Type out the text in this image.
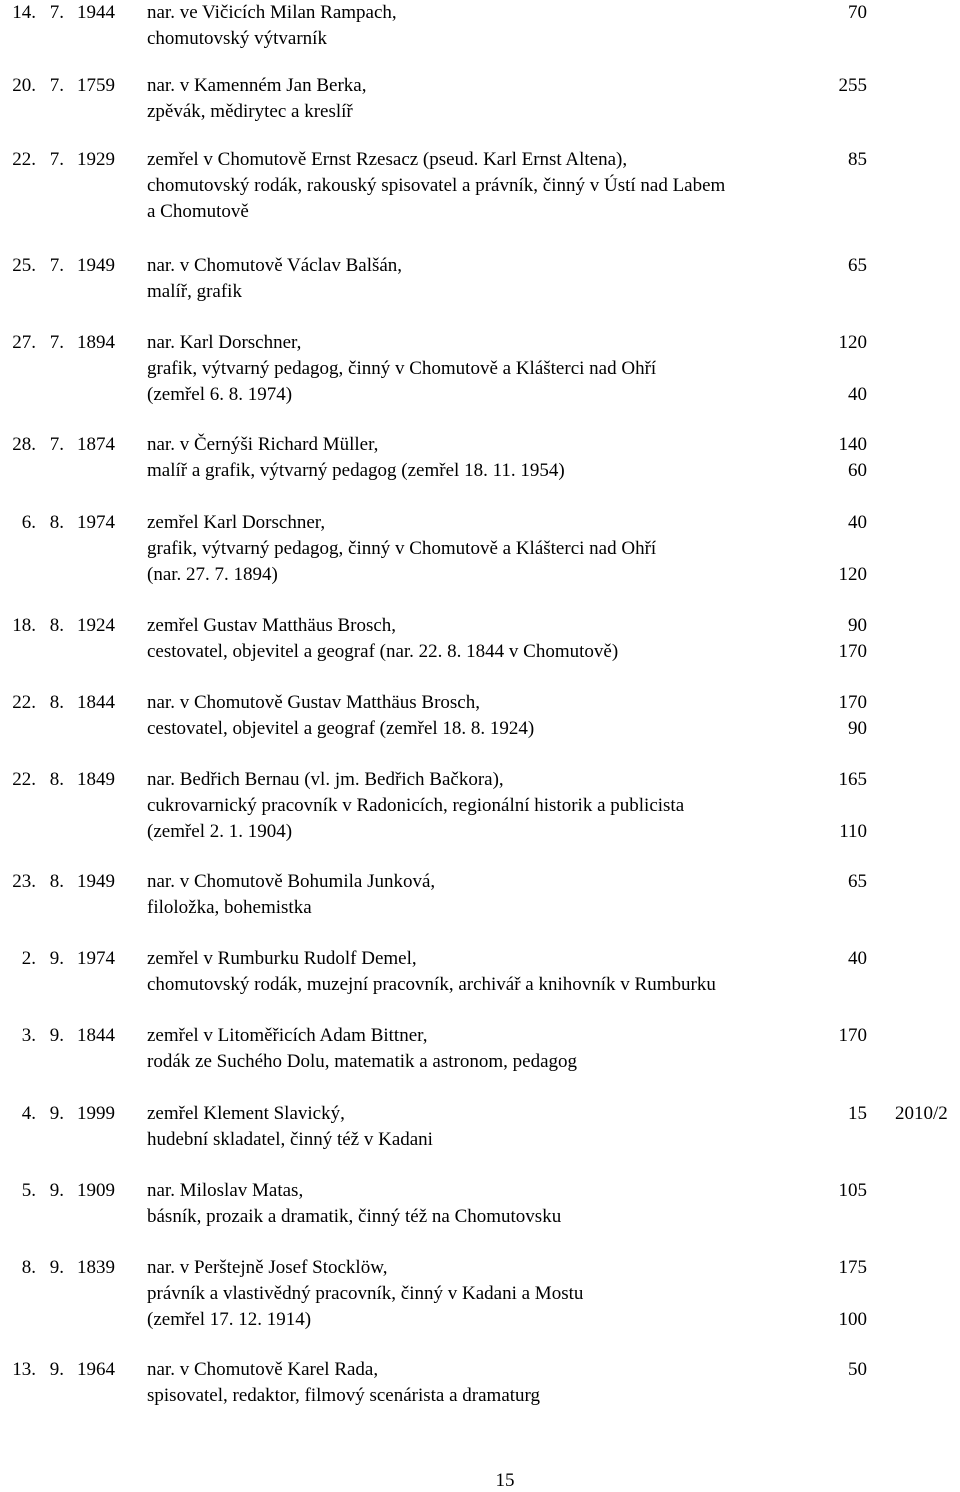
14. 7. 1944 nar. ve Vičicích Milan Rampach,	70
chomutovský výtvarník
20. 7. 1759 nar. v Kamenném Jan Berka,	255
zpěvák, mědirytec a kreslíř
22. 7. 1929 zemřel v Chomutově Ernst Rzesacz (pseud. Karl Ernst Altena),	85
chomutovský rodák, rakouský spisovatel a právník, činný v Ústí nad Labem
a Chomutově
25. 7. 1949 nar. v Chomutově Václav Balšán,	65
malíř, grafik
27. 7. 1894 nar. Karl Dorschner,	120
grafik, výtvarný pedagog, činný v Chomutově a Klášterci nad Ohří
(zemřel 6. 8. 1974)	40
28. 7. 1874 nar. v Černýši Richard Müller,	140
malíř a grafik, výtvarný pedagog (zemřel 18. 11. 1954)	60
6. 8. 1974 zemřel Karl Dorschner,	40
grafik, výtvarný pedagog, činný v Chomutově a Klášterci nad Ohří
(nar. 27. 7. 1894)	120
18. 8. 1924 zemřel Gustav Matthäus Brosch,	90
cestovatel, objevitel a geograf (nar. 22. 8. 1844 v Chomutově)	170
22. 8. 1844 nar. v Chomutově Gustav Matthäus Brosch,	170
cestovatel, objevitel a geograf (zemřel 18. 8. 1924)	90
22. 8. 1849 nar. Bedřich Bernau (vl. jm. Bedřich Bačkora),	165
cukrovarnický pracovník v Radonicích, regionální historik a publicista
(zemřel 2. 1. 1904)	110
23. 8. 1949 nar. v Chomutově Bohumila Junková,	65
filoložka, bohemistka
2. 9. 1974 zemřel v Rumburku Rudolf Demel,	40
chomutovský rodák, muzejní pracovník, archivář a knihovník v Rumburku
3. 9. 1844 zemřel v Litoměřicích Adam Bittner,	170
rodák ze Suchého Dolu, matematik a astronom, pedagog
4. 9. 1999 zemřel Klement Slavický,	15 2010/2
hudební skladatel, činný též v Kadani
5. 9. 1909 nar. Miloslav Matas,	105
básník, prozaik a dramatik, činný též na Chomutovsku
8. 9. 1839 nar. v Perštejně Josef Stocklöw,	175
právník a vlastivědný pracovník, činný v Kadani a Mostu
(zemřel 17. 12. 1914)	100
13. 9. 1964 nar. v Chomutově Karel Rada,	50
spisovatel, redaktor, filmový scenárista a dramaturg
15
